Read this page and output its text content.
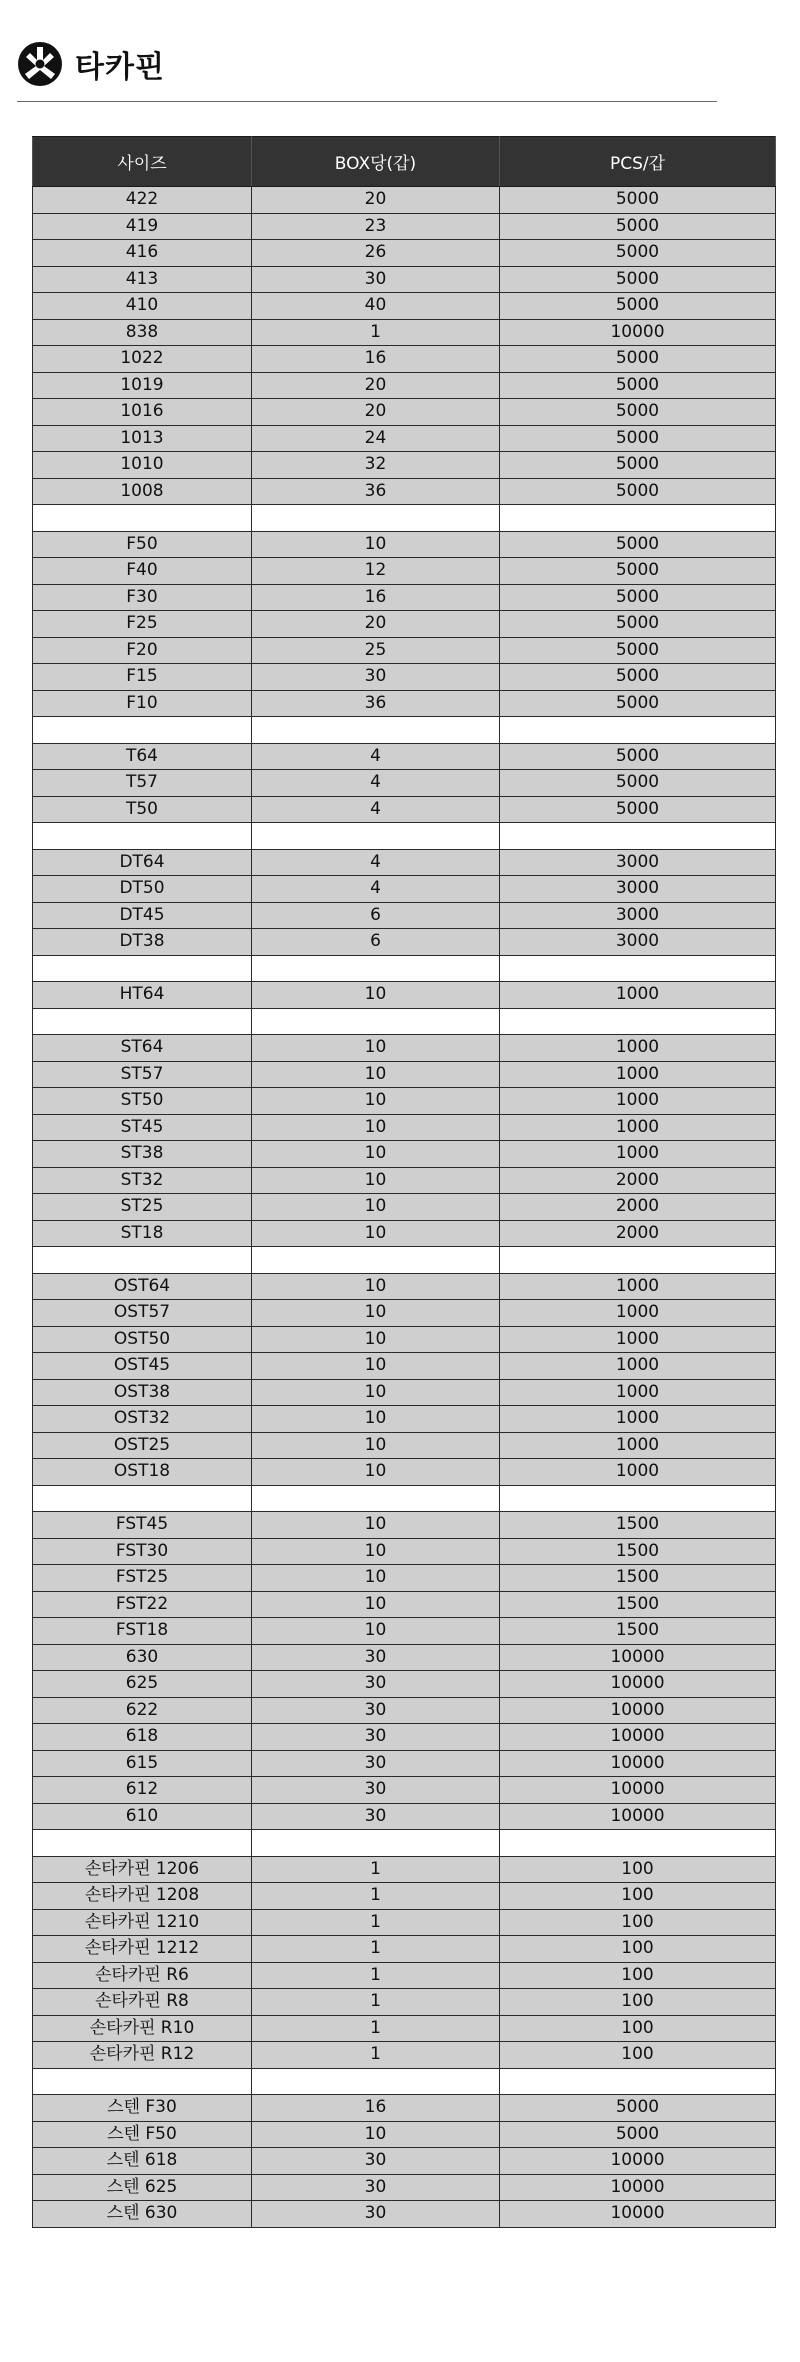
타카핀
사이즈	BOX당(갑)	PCS/갑
422	20	5000
419	23	5000
416	26	5000
413	30	5000
410	40	5000
838	1	10000
1022	16	5000
1019	20	5000
1016	20	5000
1013	24	5000
1010	32	5000
1008	36	5000

F50	10	5000
F40	12	5000
F30	16	5000
F25	20	5000
F20	25	5000
F15	30	5000
F10	36	5000

T64	4	5000
T57	4	5000
T50	4	5000

DT64	4	3000
DT50	4	3000
DT45	6	3000
DT38	6	3000

HT64	10	1000

ST64	10	1000
ST57	10	1000
ST50	10	1000
ST45	10	1000
ST38	10	1000
ST32	10	2000
ST25	10	2000
ST18	10	2000

OST64	10	1000
OST57	10	1000
OST50	10	1000
OST45	10	1000
OST38	10	1000
OST32	10	1000
OST25	10	1000
OST18	10	1000

FST45	10	1500
FST30	10	1500
FST25	10	1500
FST22	10	1500
FST18	10	1500
630	30	10000
625	30	10000
622	30	10000
618	30	10000
615	30	10000
612	30	10000
610	30	10000

손타카핀 1206	1	100
손타카핀 1208	1	100
손타카핀 1210	1	100
손타카핀 1212	1	100
손타카핀 R6	1	100
손타카핀 R8	1	100
손타카핀 R10	1	100
손타카핀 R12	1	100

스텐 F30	16	5000
스텐 F50	10	5000
스텐 618	30	10000
스텐 625	30	10000
스텐 630	30	10000
